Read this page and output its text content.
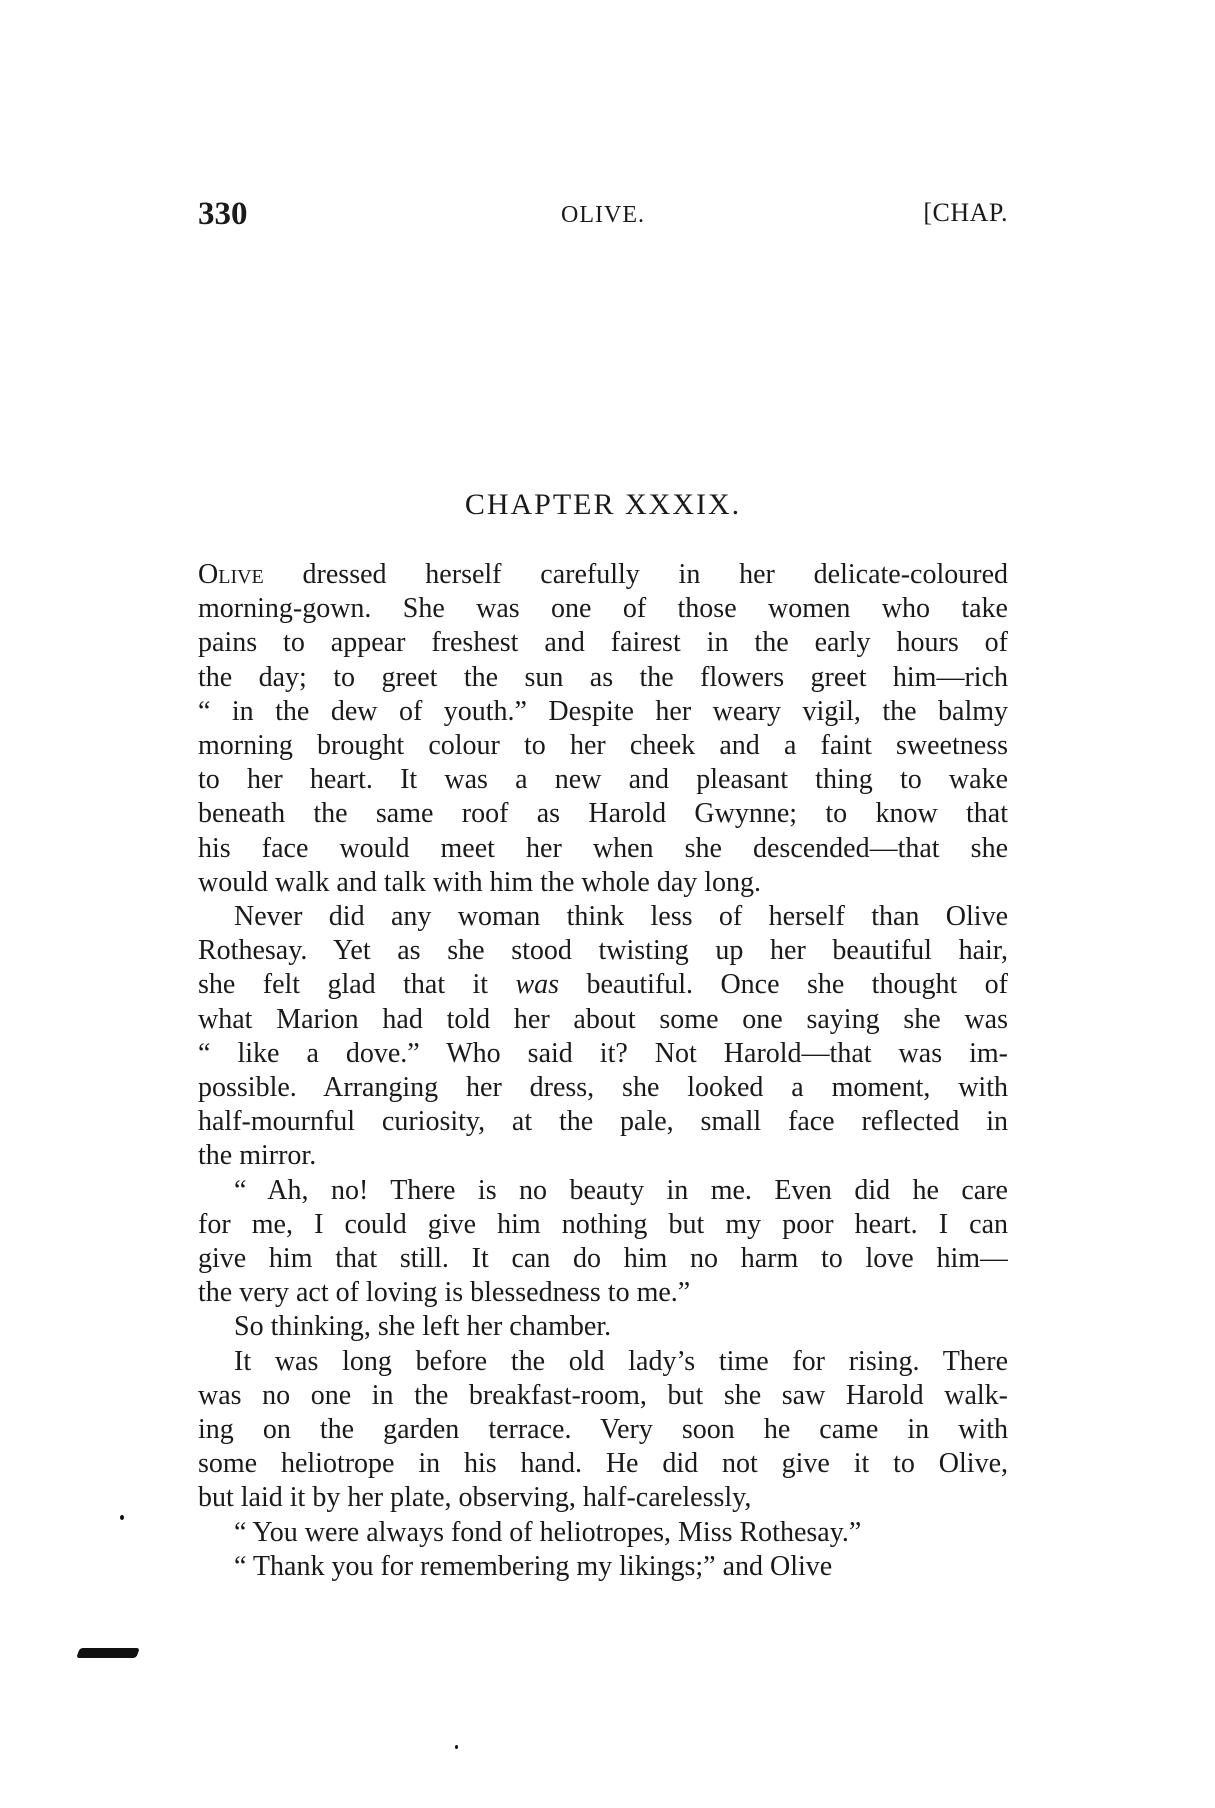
330	OLIVE.	[CHAP.
CHAPTER XXXIX.
Olive dressed herself carefully in her delicate-coloured
morning-gown. She was one of those women who take
pains to appear freshest and fairest in the early hours of
the day; to greet the sun as the flowers greet him—rich
“ in the dew of youth.” Despite her weary vigil, the balmy
morning brought colour to her cheek and a faint sweetness
to her heart. It was a new and pleasant thing to wake
beneath the same roof as Harold Gwynne; to know that
his face would meet her when she descended—that she
would walk and talk with him the whole day long.
Never did any woman think less of herself than Olive
Rothesay. Yet as she stood twisting up her beautiful hair,
she felt glad that it was beautiful. Once she thought of
what Marion had told her about some one saying she was
“ like a dove.” Who said it? Not Harold—that was im-
possible. Arranging her dress, she looked a moment, with
half-mournful curiosity, at the pale, small face reflected in
the mirror.
“ Ah, no! There is no beauty in me. Even did he care
for me, I could give him nothing but my poor heart. I can
give him that still. It can do him no harm to love him—
the very act of loving is blessedness to me.”
So thinking, she left her chamber.
It was long before the old lady’s time for rising. There
was no one in the breakfast-room, but she saw Harold walk-
ing on the garden terrace. Very soon he came in with
some heliotrope in his hand. He did not give it to Olive,
but laid it by her plate, observing, half-carelessly,
“ You were always fond of heliotropes, Miss Rothesay.”
“ Thank you for remembering my likings;” and Olive
